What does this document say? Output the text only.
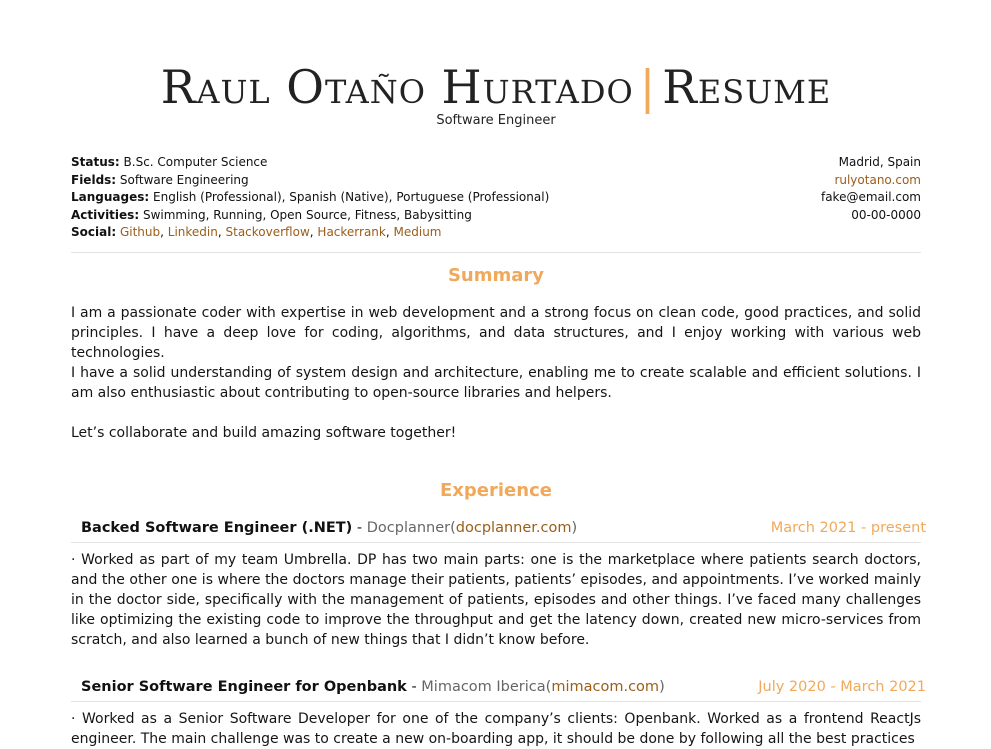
Raul Otaño Hurtado | Resume
Software Engineer
Status: B.Sc. Computer Science
Fields: Software Engineering
Languages: English (Professional), Spanish (Native), Portuguese (Professional)
Activities: Swimming, Running, Open Source, Fitness, Babysitting
Social: Github, Linkedin, Stackoverflow, Hackerrank, Medium
Madrid, Spain
rulyotano.com
fake@email.com
00-00-0000
Summary
I am a passionate coder with expertise in web development and a strong focus on clean code, good practices, and solid principles. I have a deep love for coding, algorithms, and data structures, and I enjoy working with various web technologies.
I have a solid understanding of system design and architecture, enabling me to create scalable and efficient solutions. I am also enthusiastic about contributing to open-source libraries and helpers.
Let’s collaborate and build amazing software together!
Experience
Backed Software Engineer (.NET) - Docplanner(docplanner.com)	March 2021 - present
· Worked as part of my team Umbrella. DP has two main parts: one is the marketplace where patients search doctors, and the other one is where the doctors manage their patients, patients’ episodes, and appointments. I’ve worked mainly in the doctor side, specifically with the management of patients, episodes and other things. I’ve faced many challenges like optimizing the existing code to improve the throughput and get the latency down, created new micro-services from scratch, and also learned a bunch of new things that I didn’t know before.
Senior Software Engineer for Openbank - Mimacom Iberica(mimacom.com)	July 2020 - March 2021
· Worked as a Senior Software Developer for one of the company’s clients: Openbank. Worked as a frontend ReactJs engineer. The main challenge was to create a new on-boarding app, it should be done by following all the best practices
